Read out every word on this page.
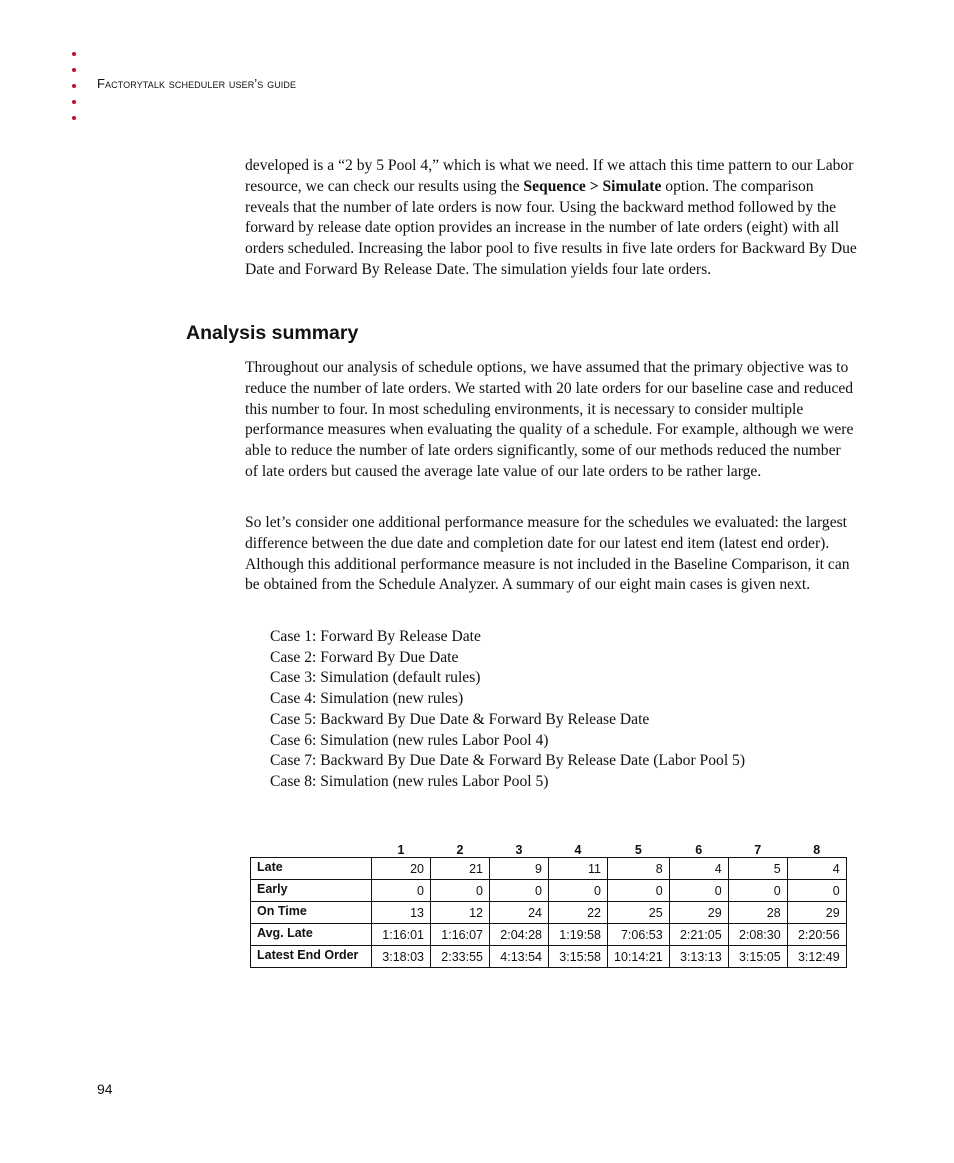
Factorytalk scheduler user’s guide
developed is a “2 by 5 Pool 4,” which is what we need. If we attach this time pattern to our Labor resource, we can check our results using the Sequence > Simulate option. The comparison reveals that the number of late orders is now four. Using the backward method followed by the forward by release date option provides an increase in the number of late orders (eight) with all orders scheduled. Increasing the labor pool to five results in five late orders for Backward By Due Date and Forward By Release Date. The simulation yields four late orders.
Analysis summary

Throughout our analysis of schedule options, we have assumed that the primary objective was to reduce the number of late orders. We started with 20 late orders for our baseline case and reduced this number to four. In most scheduling environments, it is necessary to consider multiple performance measures when evaluating the quality of a schedule. For example, although we were able to reduce the number of late orders significantly, some of our methods reduced the number of late orders but caused the average late value of our late orders to be rather large.

So let’s consider one additional performance measure for the schedules we evaluated: the largest difference between the due date and completion date for our latest end item (latest end order). Although this additional performance measure is not included in the Baseline Comparison, it can be obtained from the Schedule Analyzer. A summary of our eight main cases is given next.

Case 1: Forward By Release Date
Case 2: Forward By Due Date
Case 3: Simulation (default rules)
Case 4: Simulation (new rules)
Case 5: Backward By Due Date & Forward By Release Date
Case 6: Simulation (new rules Labor Pool 4)
Case 7: Backward By Due Date & Forward By Release Date (Labor Pool 5)
Case 8: Simulation (new rules Labor Pool 5)
	1	2	3	4	5	6	7	8
Late	20	21	9	11	8	4	5	4
Early	0	0	0	0	0	0	0	0
On Time	13	12	24	22	25	29	28	29
Avg. Late	1:16:01	1:16:07	2:04:28	1:19:58	7:06:53	2:21:05	2:08:30	2:20:56
Latest End Order	3:18:03	2:33:55	4:13:54	3:15:58	10:14:21	3:13:13	3:15:05	3:12:49
94
